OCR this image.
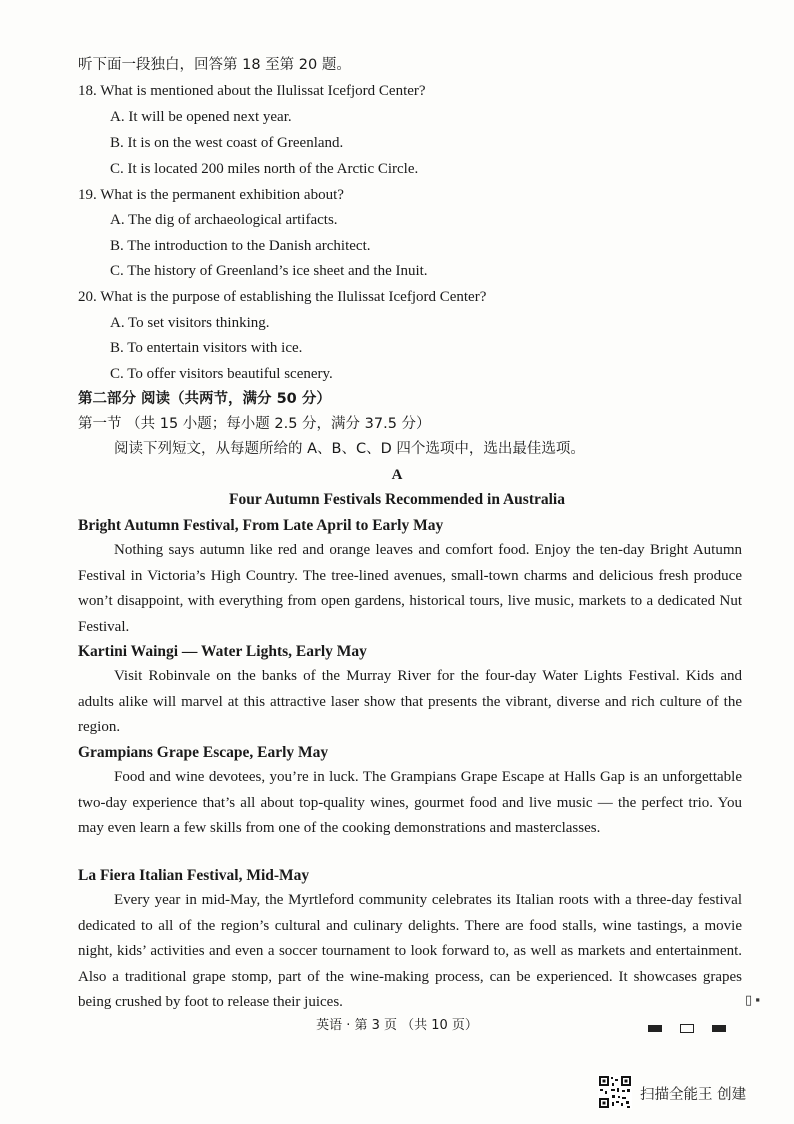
听下面一段独白，回答第 18 至第 20 题。
18. What is mentioned about the Ilulissat Icefjord Center?
A. It will be opened next year.
B. It is on the west coast of Greenland.
C. It is located 200 miles north of the Arctic Circle.
19. What is the permanent exhibition about?
A. The dig of archaeological artifacts.
B. The introduction to the Danish architect.
C. The history of Greenland’s ice sheet and the Inuit.
20. What is the purpose of establishing the Ilulissat Icefjord Center?
A. To set visitors thinking.
B. To entertain visitors with ice.
C. To offer visitors beautiful scenery.
第二部分 阅读（共两节，满分 50 分）
第一节 （共 15 小题；每小题 2.5 分，满分 37.5 分）
阅读下列短文，从每题所给的 A、B、C、D 四个选项中，选出最佳选项。
A
Four Autumn Festivals Recommended in Australia
Bright Autumn Festival, From Late April to Early May
Nothing says autumn like red and orange leaves and comfort food. Enjoy the ten-day Bright Autumn Festival in Victoria’s High Country. The tree-lined avenues, small-town charms and delicious fresh produce won’t disappoint, with everything from open gardens, historical tours, live music, markets to a dedicated Nut Festival.
Kartini Waingi — Water Lights, Early May
Visit Robinvale on the banks of the Murray River for the four-day Water Lights Festival. Kids and adults alike will marvel at this attractive laser show that presents the vibrant, diverse and rich culture of the region.
Grampians Grape Escape, Early May
Food and wine devotees, you’re in luck. The Grampians Grape Escape at Halls Gap is an unforgettable two-day experience that’s all about top-quality wines, gourmet food and live music — the perfect trio. You may even learn a few skills from one of the cooking demonstrations and masterclasses.
La Fiera Italian Festival, Mid-May
Every year in mid-May, the Myrtleford community celebrates its Italian roots with a three-day festival dedicated to all of the region’s cultural and culinary delights. There are food stalls, wine tastings, a movie night, kids’ activities and even a soccer tournament to look forward to, as well as markets and entertainment. Also a traditional grape stomp, part of the wine-making process, can be experienced. It showcases grapes being crushed by foot to release their juices.	▯ ▪
英语 · 第 3 页 （共 10 页）
扫描全能王 创建
